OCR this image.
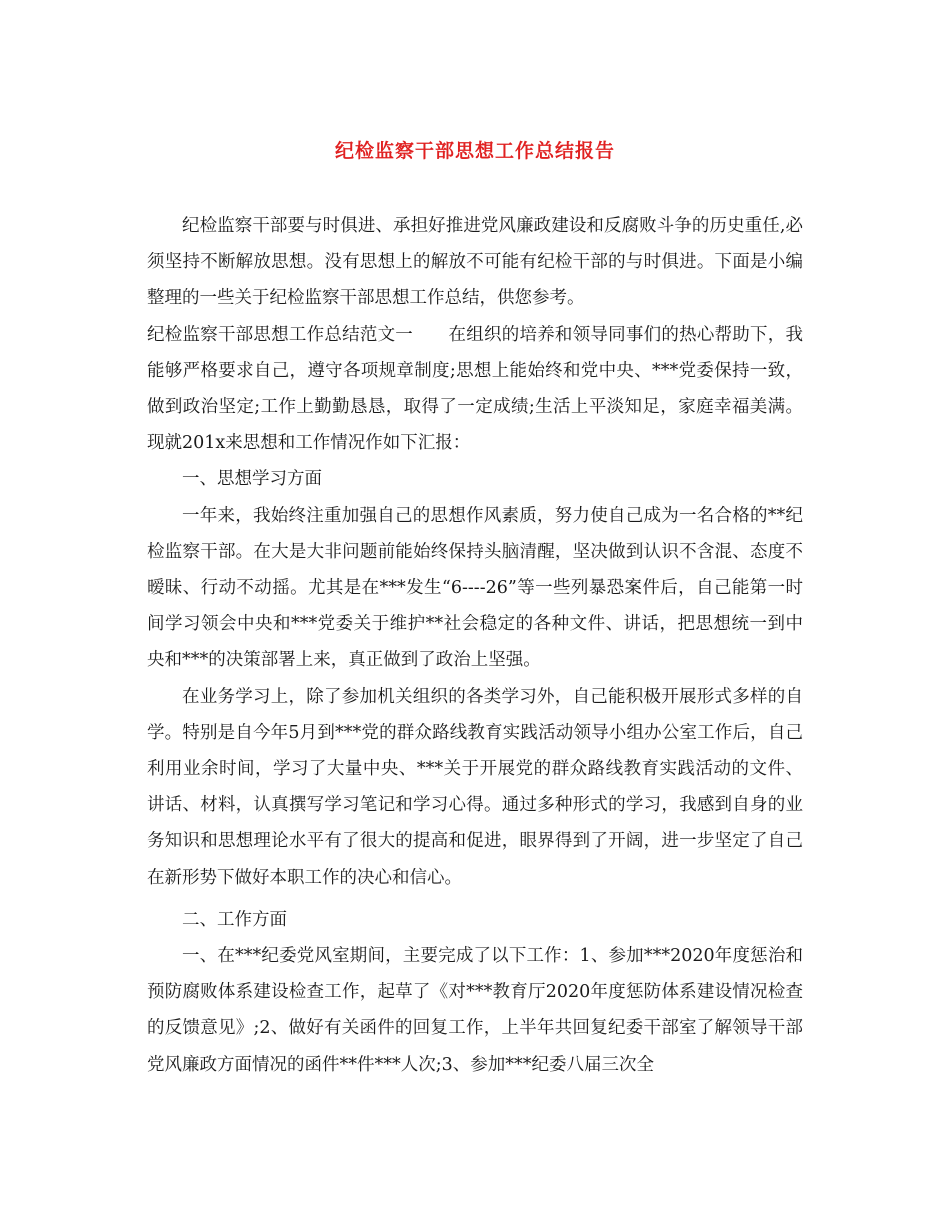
纪检监察干部思想工作总结报告

纪检监察干部要与时俱进、承担好推进党风廉政建设和反腐败斗争的历史重任,必须坚持不断解放思想。没有思想上的解放不可能有纪检干部的与时俱进。下面是小编整理的一些关于纪检监察干部思想工作总结，供您参考。

纪检监察干部思想工作总结范文一　　在组织的培养和领导同事们的热心帮助下，我能够严格要求自己，遵守各项规章制度;思想上能始终和党中央、***党委保持一致，做到政治坚定;工作上勤勤恳恳，取得了一定成绩;生活上平淡知足，家庭幸福美满。现就201x来思想和工作情况作如下汇报：

一、思想学习方面

一年来，我始终注重加强自己的思想作风素质，努力使自己成为一名合格的**纪检监察干部。在大是大非问题前能始终保持头脑清醒，坚决做到认识不含混、态度不暧昧、行动不动摇。尤其是在***发生“6----26”等一些列暴恐案件后，自己能第一时间学习领会中央和***党委关于维护**社会稳定的各种文件、讲话，把思想统一到中央和***的决策部署上来，真正做到了政治上坚强。

在业务学习上，除了参加机关组织的各类学习外，自己能积极开展形式多样的自学。特别是自今年5月到***党的群众路线教育实践活动领导小组办公室工作后，自己利用业余时间，学习了大量中央、***关于开展党的群众路线教育实践活动的文件、讲话、材料，认真撰写学习笔记和学习心得。通过多种形式的学习，我感到自身的业务知识和思想理论水平有了很大的提高和促进，眼界得到了开阔，进一步坚定了自己在新形势下做好本职工作的决心和信心。

二、工作方面

一、在***纪委党风室期间，主要完成了以下工作：1、参加***2020年度惩治和预防腐败体系建设检查工作，起草了《对***教育厅2020年度惩防体系建设情况检查的反馈意见》;2、做好有关函件的回复工作，上半年共回复纪委干部室了解领导干部党风廉政方面情况的函件**件***人次;3、参加***纪委八届三次全
